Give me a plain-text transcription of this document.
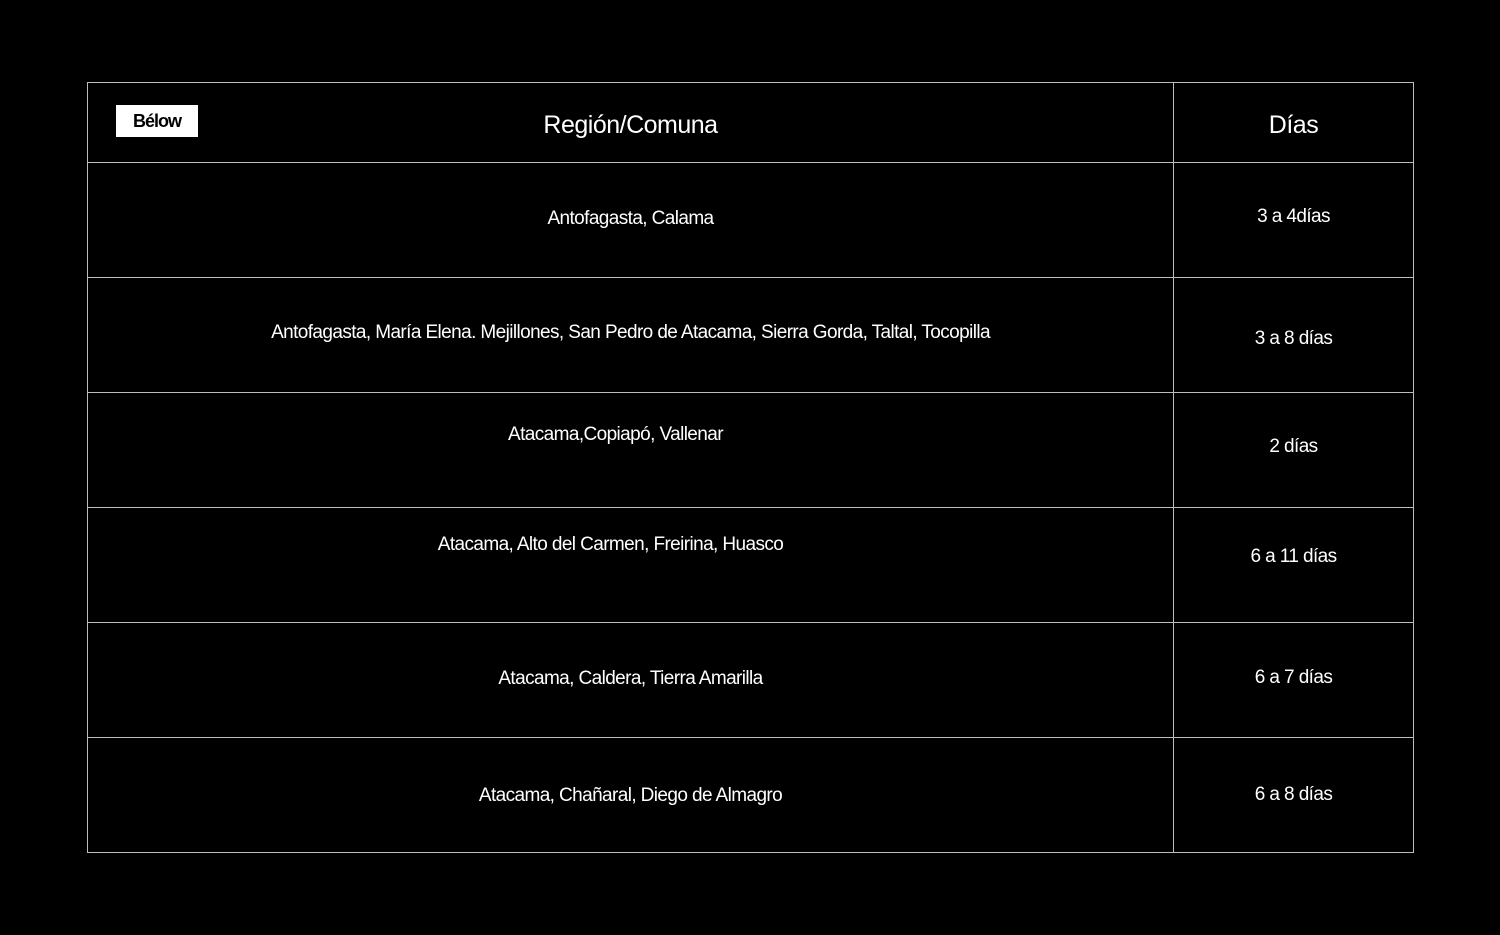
Bélow Región/Comuna	Días

Antofagasta, Calama	3 a 4días

Antofagasta, María Elena. Mejillones, San Pedro de Atacama, Sierra Gorda, Taltal, Tocopilla	3 a 8 días

Atacama,Copiapó, Vallenar	2 días

Atacama, Alto del Carmen, Freirina, Huasco	6 a 11 días

Atacama, Caldera, Tierra Amarilla	6 a 7 días

Atacama, Chañaral, Diego de Almagro	6 a 8 días
